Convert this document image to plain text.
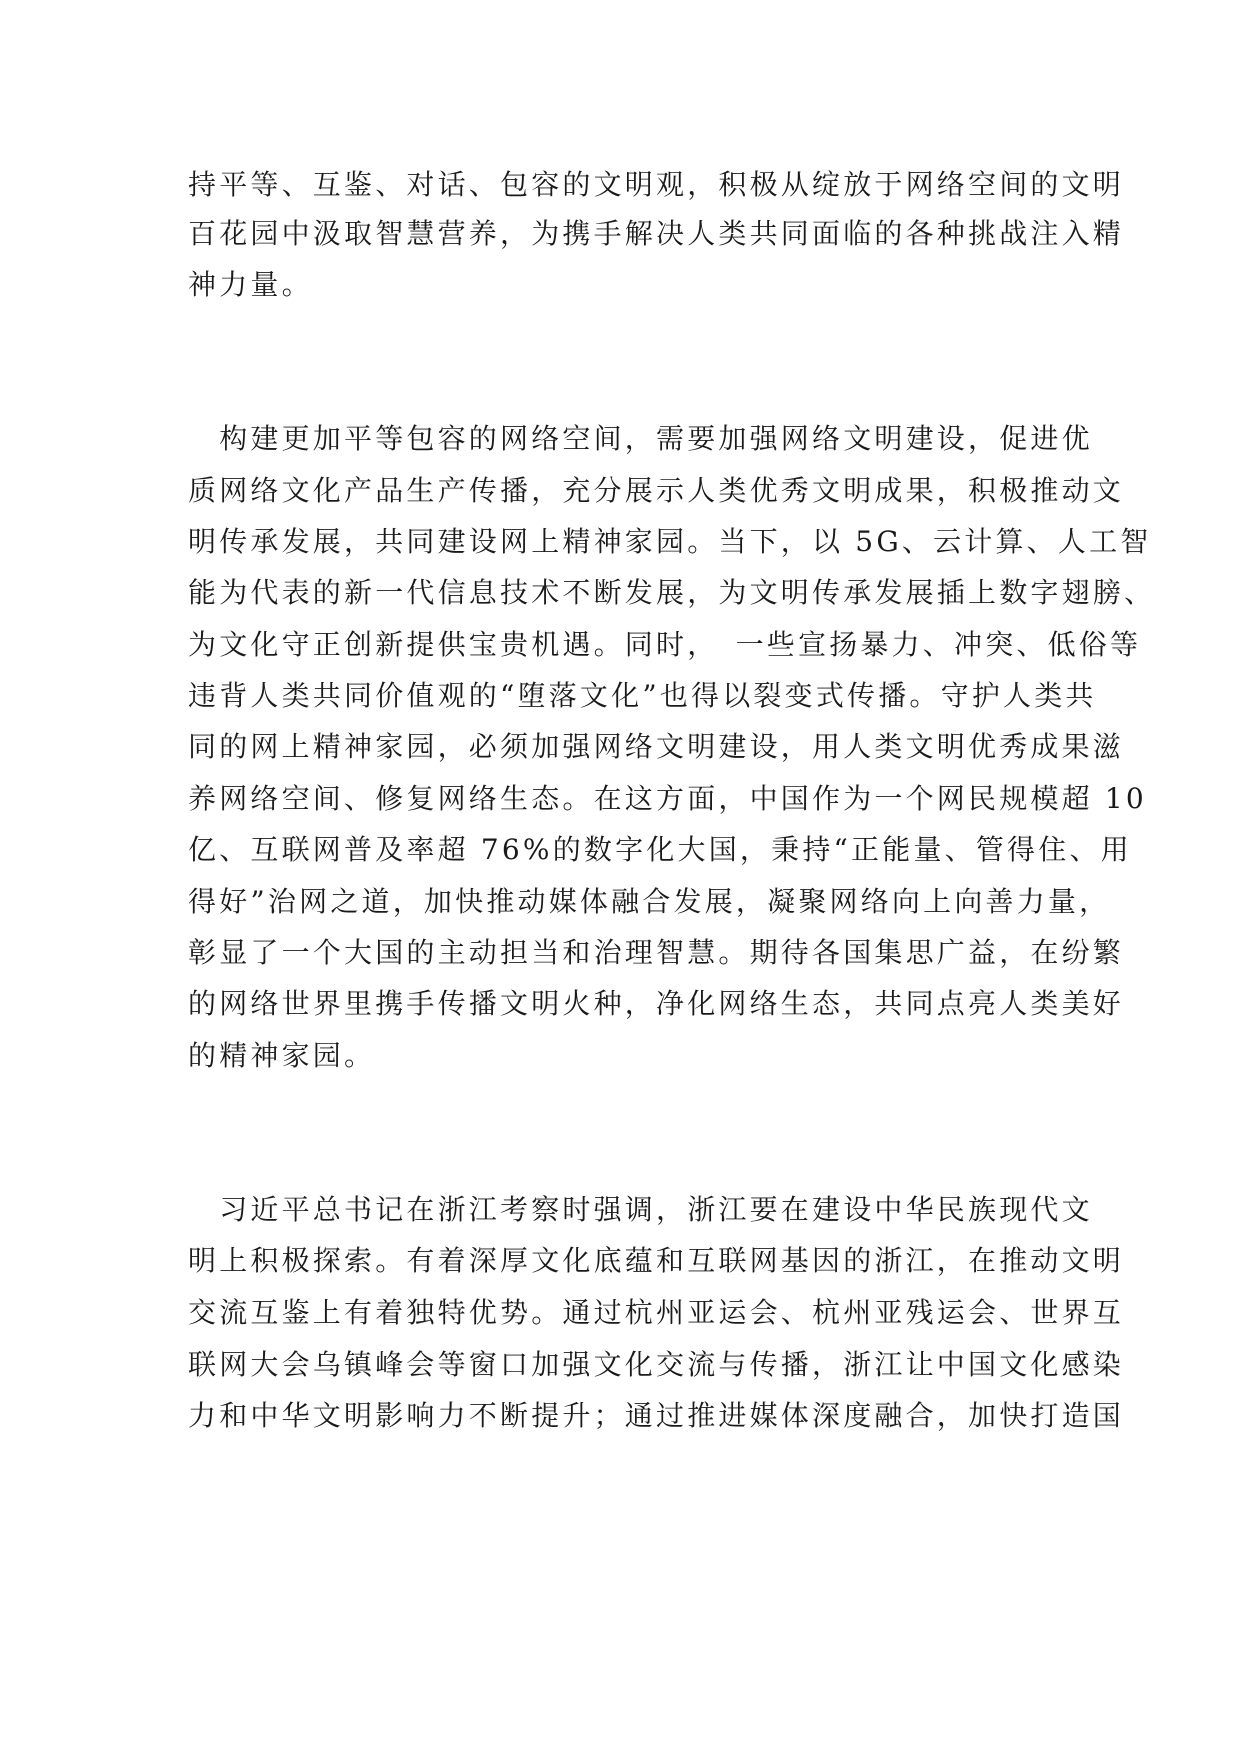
持平等、互鉴、对话、包容的文明观，积极从绽放于网络空间的文明
百花园中汲取智慧营养，为携手解决人类共同面临的各种挑战注入精
神力量。
　构建更加平等包容的网络空间，需要加强网络文明建设，促进优
质网络文化产品生产传播，充分展示人类优秀文明成果，积极推动文
明传承发展，共同建设网上精神家园。当下，以 5G、云计算、人工智
能为代表的新一代信息技术不断发展，为文明传承发展插上数字翅膀、
为文化守正创新提供宝贵机遇。同时，　一些宣扬暴力、冲突、低俗等
违背人类共同价值观的“堕落文化”也得以裂变式传播。守护人类共
同的网上精神家园，必须加强网络文明建设，用人类文明优秀成果滋
养网络空间、修复网络生态。在这方面，中国作为一个网民规模超 10
亿、互联网普及率超 76%的数字化大国，秉持“正能量、管得住、用
得好”治网之道，加快推动媒体融合发展，凝聚网络向上向善力量，
彰显了一个大国的主动担当和治理智慧。期待各国集思广益，在纷繁
的网络世界里携手传播文明火种，净化网络生态，共同点亮人类美好
的精神家园。
　习近平总书记在浙江考察时强调，浙江要在建设中华民族现代文
明上积极探索。有着深厚文化底蕴和互联网基因的浙江，在推动文明
交流互鉴上有着独特优势。通过杭州亚运会、杭州亚残运会、世界互
联网大会乌镇峰会等窗口加强文化交流与传播，浙江让中国文化感染
力和中华文明影响力不断提升；通过推进媒体深度融合，加快打造国
